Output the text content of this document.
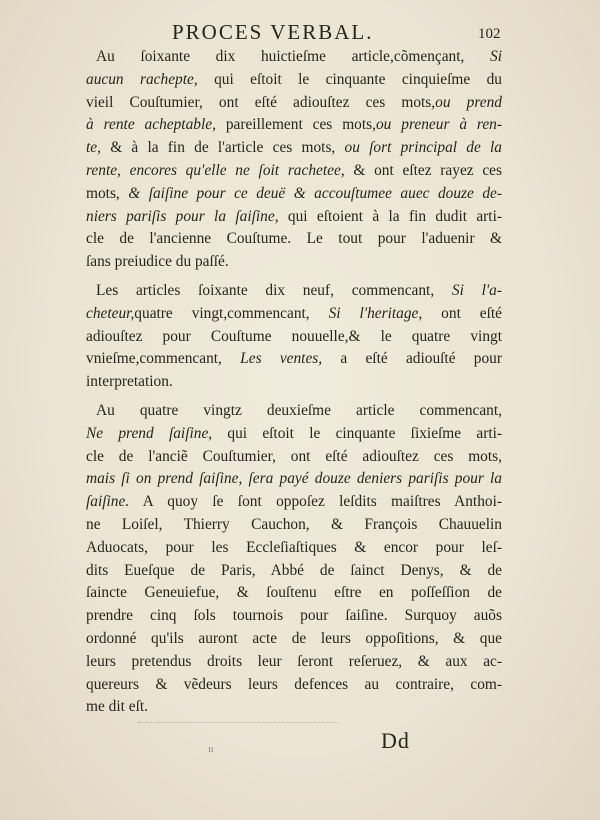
PROCES VERBAL.	102
Au ſoixante dix huictieſme article,cõmençant, Si
aucun rachepte, qui eſtoit le cinquante cinquieſme du
vieil Couſtumier, ont eſté adiouſtez ces mots,ou prend
à rente acheptable, pareillement ces mots,ou preneur à ren-
te, & à la fin de l'article ces mots, ou ſort principal de la
rente, encores qu'elle ne ſoit rachetee, & ont eſtez rayez ces
mots, & ſaiſine pour ce deuë & accouſtumee auec douze de-
niers pariſis pour la ſaiſine, qui eſtoient à la fin dudit arti-
cle de l'ancienne Couſtume. Le tout pour l'aduenir &
ſans preiudice du paſſé.
Les articles ſoixante dix neuf, commencant, Si l'a-
cheteur,quatre vingt,commencant, Si l'heritage, ont eſté
adiouſtez pour Couſtume nouuelle,& le quatre vingt
vnieſme,commencant, Les ventes, a eſté adiouſté pour
interpretation.
Au quatre vingtz deuxieſme article commencant,
Ne prend ſaiſine, qui eſtoit le cinquante ſixieſme arti-
cle de l'anciẽ Couſtumier, ont eſté adiouſtez ces mots,
mais ſi on prend ſaiſine, ſera payé douze deniers pariſis pour la
ſaiſine. A quoy ſe ſont oppoſez leſdits maiſtres Anthoi-
ne Loiſel, Thierry Cauchon, & François Chauuelin
Aduocats, pour les Eccleſiaſtiques & encor pour leſ-
dits Eueſque de Paris, Abbé de ſainct Denys, & de
ſaincte Geneuiefue, & ſouſtenu eſtre en poſſeſſion de
prendre cinq ſols tournois pour ſaiſine. Surquoy auõs
ordonné qu'ils auront acte de leurs oppoſitions, & que
leurs pretendus droits leur ſeront reſeruez, & aux ac-
quereurs & vẽdeurs leurs defences au contraire, com-
me dit eſt.
ıı	Dd
